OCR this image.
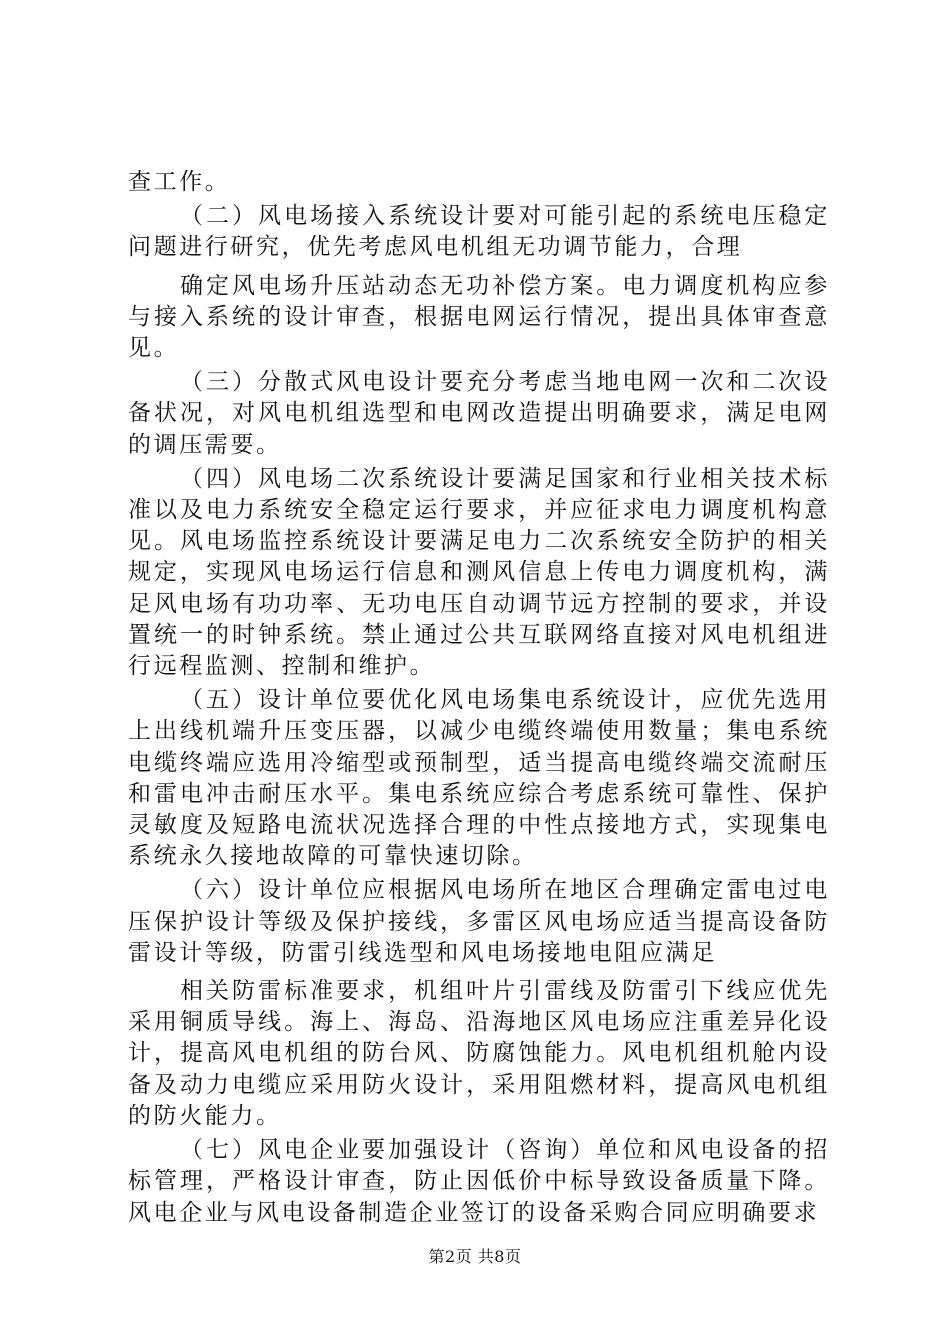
查工作。

（二）风电场接入系统设计要对可能引起的系统电压稳定问题进行研究，优先考虑风电机组无功调节能力，合理

确定风电场升压站动态无功补偿方案。电力调度机构应参与接入系统的设计审查，根据电网运行情况，提出具体审查意见。

（三）分散式风电设计要充分考虑当地电网一次和二次设备状况，对风电机组选型和电网改造提出明确要求，满足电网的调压需要。

（四）风电场二次系统设计要满足国家和行业相关技术标准以及电力系统安全稳定运行要求，并应征求电力调度机构意见。风电场监控系统设计要满足电力二次系统安全防护的相关规定，实现风电场运行信息和测风信息上传电力调度机构，满足风电场有功功率、无功电压自动调节远方控制的要求，并设置统一的时钟系统。禁止通过公共互联网络直接对风电机组进行远程监测、控制和维护。

（五）设计单位要优化风电场集电系统设计，应优先选用上出线机端升压变压器，以减少电缆终端使用数量；集电系统电缆终端应选用冷缩型或预制型，适当提高电缆终端交流耐压和雷电冲击耐压水平。集电系统应综合考虑系统可靠性、保护灵敏度及短路电流状况选择合理的中性点接地方式，实现集电系统永久接地故障的可靠快速切除。

（六）设计单位应根据风电场所在地区合理确定雷电过电压保护设计等级及保护接线，多雷区风电场应适当提高设备防雷设计等级，防雷引线选型和风电场接地电阻应满足

相关防雷标准要求，机组叶片引雷线及防雷引下线应优先采用铜质导线。海上、海岛、沿海地区风电场应注重差异化设计，提高风电机组的防台风、防腐蚀能力。风电机组机舱内设备及动力电缆应采用防火设计，采用阻燃材料，提高风电机组的防火能力。

（七）风电企业要加强设计（咨询）单位和风电设备的招标管理，严格设计审查，防止因低价中标导致设备质量下降。风电企业与风电设备制造企业签订的设备采购合同应明确要求

第2页 共8页
